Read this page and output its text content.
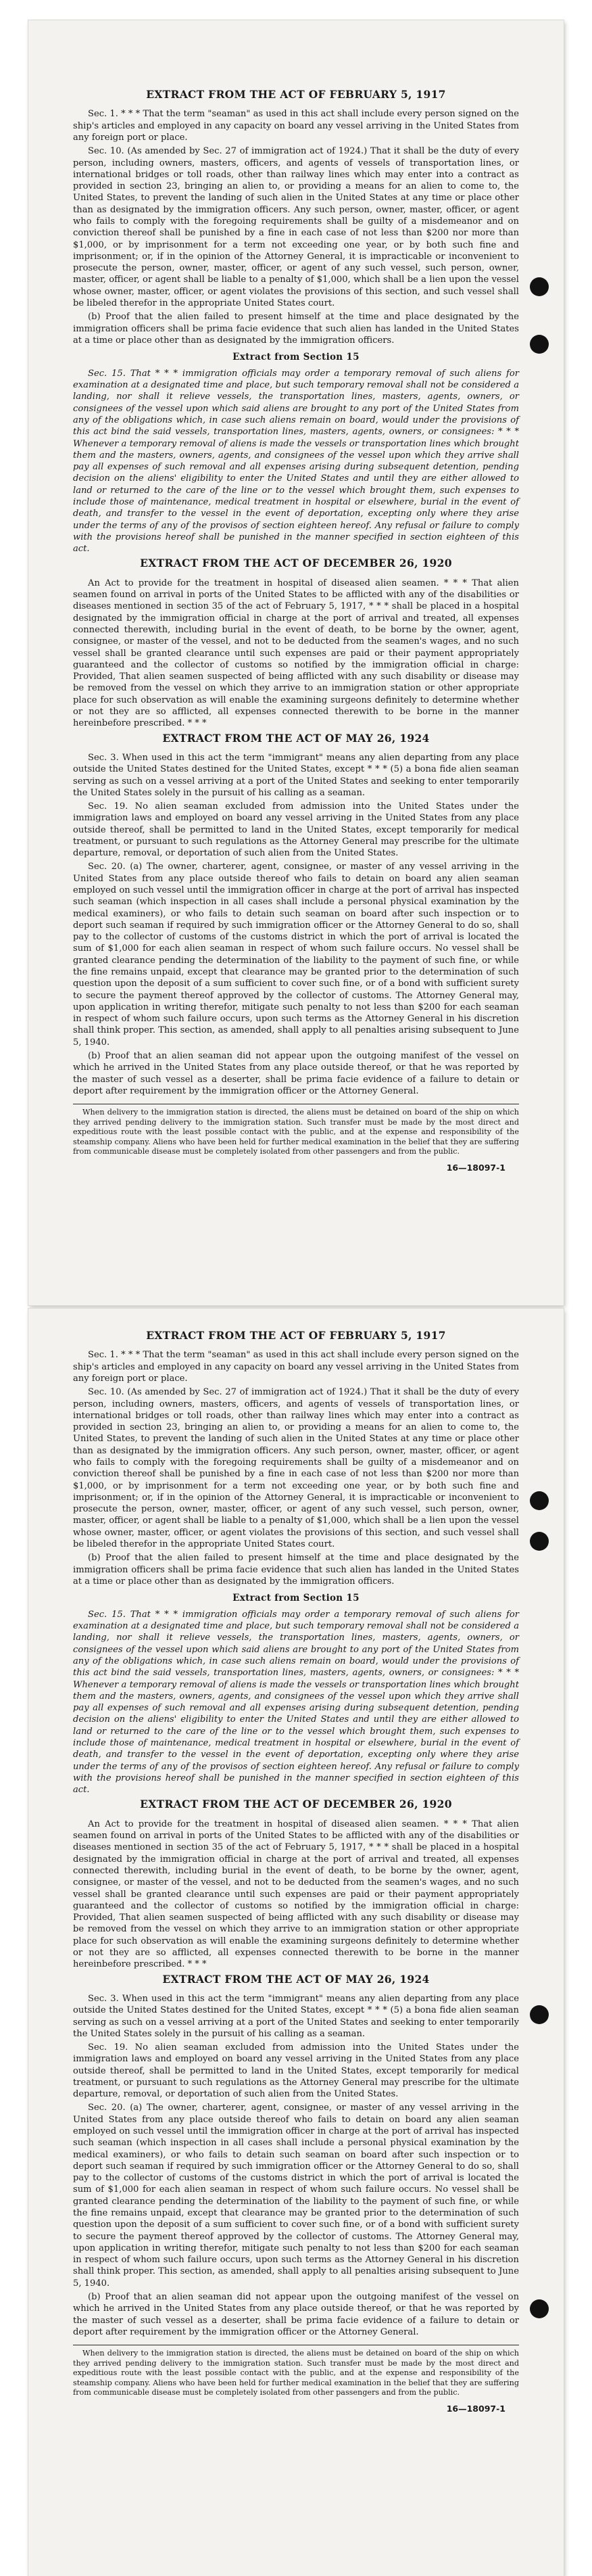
EXTRACT FROM THE ACT OF FEBRUARY 5, 1917

Sec. 1. * * * That the term "seaman" as used in this act shall include every person signed on the ship's articles and employed in any capacity on board any vessel arriving in the United States from any foreign port or place.

Sec. 10. (As amended by Sec. 27 of immigration act of 1924.) That it shall be the duty of every person, including owners, masters, officers, and agents of vessels of transportation lines, or international bridges or toll roads, other than railway lines which may enter into a contract as provided in section 23, bringing an alien to, or providing a means for an alien to come to, the United States, to prevent the landing of such alien in the United States at any time or place other than as designated by the immigration officers. Any such person, owner, master, officer, or agent who fails to comply with the foregoing requirements shall be guilty of a misdemeanor and on conviction thereof shall be punished by a fine in each case of not less than $200 nor more than $1,000, or by imprisonment for a term not exceeding one year, or by both such fine and imprisonment; or, if in the opinion of the Attorney General, it is impracticable or inconvenient to prosecute the person, owner, master, officer, or agent of any such vessel, such person, owner, master, officer, or agent shall be liable to a penalty of $1,000, which shall be a lien upon the vessel whose owner, master, officer, or agent violates the provisions of this section, and such vessel shall be libeled therefor in the appropriate United States court.

(b) Proof that the alien failed to present himself at the time and place designated by the immigration officers shall be prima facie evidence that such alien has landed in the United States at a time or place other than as designated by the immigration officers.

Extract from Section 15

Sec. 15. That * * * immigration officials may order a temporary removal of such aliens for examination at a designated time and place, but such temporary removal shall not be considered a landing, nor shall it relieve vessels, the transportation lines, masters, agents, owners, or consignees of the vessel upon which said aliens are brought to any port of the United States from any of the obligations which, in case such aliens remain on board, would under the provisions of this act bind the said vessels, transportation lines, masters, agents, owners, or consignees: * * * Whenever a temporary removal of aliens is made the vessels or transportation lines which brought them and the masters, owners, agents, and consignees of the vessel upon which they arrive shall pay all expenses of such removal and all expenses arising during subsequent detention, pending decision on the aliens' eligibility to enter the United States and until they are either allowed to land or returned to the care of the line or to the vessel which brought them, such expenses to include those of maintenance, medical treatment in hospital or elsewhere, burial in the event of death, and transfer to the vessel in the event of deportation, excepting only where they arise under the terms of any of the provisos of section eighteen hereof. Any refusal or failure to comply with the provisions hereof shall be punished in the manner specified in section eighteen of this act.

EXTRACT FROM THE ACT OF DECEMBER 26, 1920

An Act to provide for the treatment in hospital of diseased alien seamen. * * * That alien seamen found on arrival in ports of the United States to be afflicted with any of the disabilities or diseases mentioned in section 35 of the act of February 5, 1917, * * * shall be placed in a hospital designated by the immigration official in charge at the port of arrival and treated, all expenses connected therewith, including burial in the event of death, to be borne by the owner, agent, consignee, or master of the vessel, and not to be deducted from the seamen's wages, and no such vessel shall be granted clearance until such expenses are paid or their payment appropriately guaranteed and the collector of customs so notified by the immigration official in charge: Provided, That alien seamen suspected of being afflicted with any such disability or disease may be removed from the vessel on which they arrive to an immigration station or other appropriate place for such observation as will enable the examining surgeons definitely to determine whether or not they are so afflicted, all expenses connected therewith to be borne in the manner hereinbefore prescribed. * * *

EXTRACT FROM THE ACT OF MAY 26, 1924

Sec. 3. When used in this act the term "immigrant" means any alien departing from any place outside the United States destined for the United States, except * * * (5) a bona fide alien seaman serving as such on a vessel arriving at a port of the United States and seeking to enter temporarily the United States solely in the pursuit of his calling as a seaman.

Sec. 19. No alien seaman excluded from admission into the United States under the immigration laws and employed on board any vessel arriving in the United States from any place outside thereof, shall be permitted to land in the United States, except temporarily for medical treatment, or pursuant to such regulations as the Attorney General may prescribe for the ultimate departure, removal, or deportation of such alien from the United States.

Sec. 20. (a) The owner, charterer, agent, consignee, or master of any vessel arriving in the United States from any place outside thereof who fails to detain on board any alien seaman employed on such vessel until the immigration officer in charge at the port of arrival has inspected such seaman (which inspection in all cases shall include a personal physical examination by the medical examiners), or who fails to detain such seaman on board after such inspection or to deport such seaman if required by such immigration officer or the Attorney General to do so, shall pay to the collector of customs of the customs district in which the port of arrival is located the sum of $1,000 for each alien seaman in respect of whom such failure occurs. No vessel shall be granted clearance pending the determination of the liability to the payment of such fine, or while the fine remains unpaid, except that clearance may be granted prior to the determination of such question upon the deposit of a sum sufficient to cover such fine, or of a bond with sufficient surety to secure the payment thereof approved by the collector of customs. The Attorney General may, upon application in writing therefor, mitigate such penalty to not less than $200 for each seaman in respect of whom such failure occurs, upon such terms as the Attorney General in his discretion shall think proper. This section, as amended, shall apply to all penalties arising subsequent to June 5, 1940.

(b) Proof that an alien seaman did not appear upon the outgoing manifest of the vessel on which he arrived in the United States from any place outside thereof, or that he was reported by the master of such vessel as a deserter, shall be prima facie evidence of a failure to detain or deport after requirement by the immigration officer or the Attorney General.

When delivery to the immigration station is directed, the aliens must be detained on board of the ship on which they arrived pending delivery to the immigration station. Such transfer must be made by the most direct and expeditious route with the least possible contact with the public, and at the expense and responsibility of the steamship company. Aliens who have been held for further medical examination in the belief that they are suffering from communicable disease must be completely isolated from other passengers and from the public.

16—18097-1
EXTRACT FROM THE ACT OF FEBRUARY 5, 1917

Sec. 1. * * * That the term "seaman" as used in this act shall include every person signed on the ship's articles and employed in any capacity on board any vessel arriving in the United States from any foreign port or place.

Sec. 10. (As amended by Sec. 27 of immigration act of 1924.) That it shall be the duty of every person, including owners, masters, officers, and agents of vessels of transportation lines, or international bridges or toll roads, other than railway lines which may enter into a contract as provided in section 23, bringing an alien to, or providing a means for an alien to come to, the United States, to prevent the landing of such alien in the United States at any time or place other than as designated by the immigration officers. Any such person, owner, master, officer, or agent who fails to comply with the foregoing requirements shall be guilty of a misdemeanor and on conviction thereof shall be punished by a fine in each case of not less than $200 nor more than $1,000, or by imprisonment for a term not exceeding one year, or by both such fine and imprisonment; or, if in the opinion of the Attorney General, it is impracticable or inconvenient to prosecute the person, owner, master, officer, or agent of any such vessel, such person, owner, master, officer, or agent shall be liable to a penalty of $1,000, which shall be a lien upon the vessel whose owner, master, officer, or agent violates the provisions of this section, and such vessel shall be libeled therefor in the appropriate United States court.

(b) Proof that the alien failed to present himself at the time and place designated by the immigration officers shall be prima facie evidence that such alien has landed in the United States at a time or place other than as designated by the immigration officers.

Extract from Section 15

Sec. 15. That * * * immigration officials may order a temporary removal of such aliens for examination at a designated time and place, but such temporary removal shall not be considered a landing, nor shall it relieve vessels, the transportation lines, masters, agents, owners, or consignees of the vessel upon which said aliens are brought to any port of the United States from any of the obligations which, in case such aliens remain on board, would under the provisions of this act bind the said vessels, transportation lines, masters, agents, owners, or consignees: * * * Whenever a temporary removal of aliens is made the vessels or transportation lines which brought them and the masters, owners, agents, and consignees of the vessel upon which they arrive shall pay all expenses of such removal and all expenses arising during subsequent detention, pending decision on the aliens' eligibility to enter the United States and until they are either allowed to land or returned to the care of the line or to the vessel which brought them, such expenses to include those of maintenance, medical treatment in hospital or elsewhere, burial in the event of death, and transfer to the vessel in the event of deportation, excepting only where they arise under the terms of any of the provisos of section eighteen hereof. Any refusal or failure to comply with the provisions hereof shall be punished in the manner specified in section eighteen of this act.

EXTRACT FROM THE ACT OF DECEMBER 26, 1920

An Act to provide for the treatment in hospital of diseased alien seamen. * * * That alien seamen found on arrival in ports of the United States to be afflicted with any of the disabilities or diseases mentioned in section 35 of the act of February 5, 1917, * * * shall be placed in a hospital designated by the immigration official in charge at the port of arrival and treated, all expenses connected therewith, including burial in the event of death, to be borne by the owner, agent, consignee, or master of the vessel, and not to be deducted from the seamen's wages, and no such vessel shall be granted clearance until such expenses are paid or their payment appropriately guaranteed and the collector of customs so notified by the immigration official in charge: Provided, That alien seamen suspected of being afflicted with any such disability or disease may be removed from the vessel on which they arrive to an immigration station or other appropriate place for such observation as will enable the examining surgeons definitely to determine whether or not they are so afflicted, all expenses connected therewith to be borne in the manner hereinbefore prescribed. * * *

EXTRACT FROM THE ACT OF MAY 26, 1924

Sec. 3. When used in this act the term "immigrant" means any alien departing from any place outside the United States destined for the United States, except * * * (5) a bona fide alien seaman serving as such on a vessel arriving at a port of the United States and seeking to enter temporarily the United States solely in the pursuit of his calling as a seaman.

Sec. 19. No alien seaman excluded from admission into the United States under the immigration laws and employed on board any vessel arriving in the United States from any place outside thereof, shall be permitted to land in the United States, except temporarily for medical treatment, or pursuant to such regulations as the Attorney General may prescribe for the ultimate departure, removal, or deportation of such alien from the United States.

Sec. 20. (a) The owner, charterer, agent, consignee, or master of any vessel arriving in the United States from any place outside thereof who fails to detain on board any alien seaman employed on such vessel until the immigration officer in charge at the port of arrival has inspected such seaman (which inspection in all cases shall include a personal physical examination by the medical examiners), or who fails to detain such seaman on board after such inspection or to deport such seaman if required by such immigration officer or the Attorney General to do so, shall pay to the collector of customs of the customs district in which the port of arrival is located the sum of $1,000 for each alien seaman in respect of whom such failure occurs. No vessel shall be granted clearance pending the determination of the liability to the payment of such fine, or while the fine remains unpaid, except that clearance may be granted prior to the determination of such question upon the deposit of a sum sufficient to cover such fine, or of a bond with sufficient surety to secure the payment thereof approved by the collector of customs. The Attorney General may, upon application in writing therefor, mitigate such penalty to not less than $200 for each seaman in respect of whom such failure occurs, upon such terms as the Attorney General in his discretion shall think proper. This section, as amended, shall apply to all penalties arising subsequent to June 5, 1940.

(b) Proof that an alien seaman did not appear upon the outgoing manifest of the vessel on which he arrived in the United States from any place outside thereof, or that he was reported by the master of such vessel as a deserter, shall be prima facie evidence of a failure to detain or deport after requirement by the immigration officer or the Attorney General.

When delivery to the immigration station is directed, the aliens must be detained on board of the ship on which they arrived pending delivery to the immigration station. Such transfer must be made by the most direct and expeditious route with the least possible contact with the public, and at the expense and responsibility of the steamship company. Aliens who have been held for further medical examination in the belief that they are suffering from communicable disease must be completely isolated from other passengers and from the public.

16—18097-1
